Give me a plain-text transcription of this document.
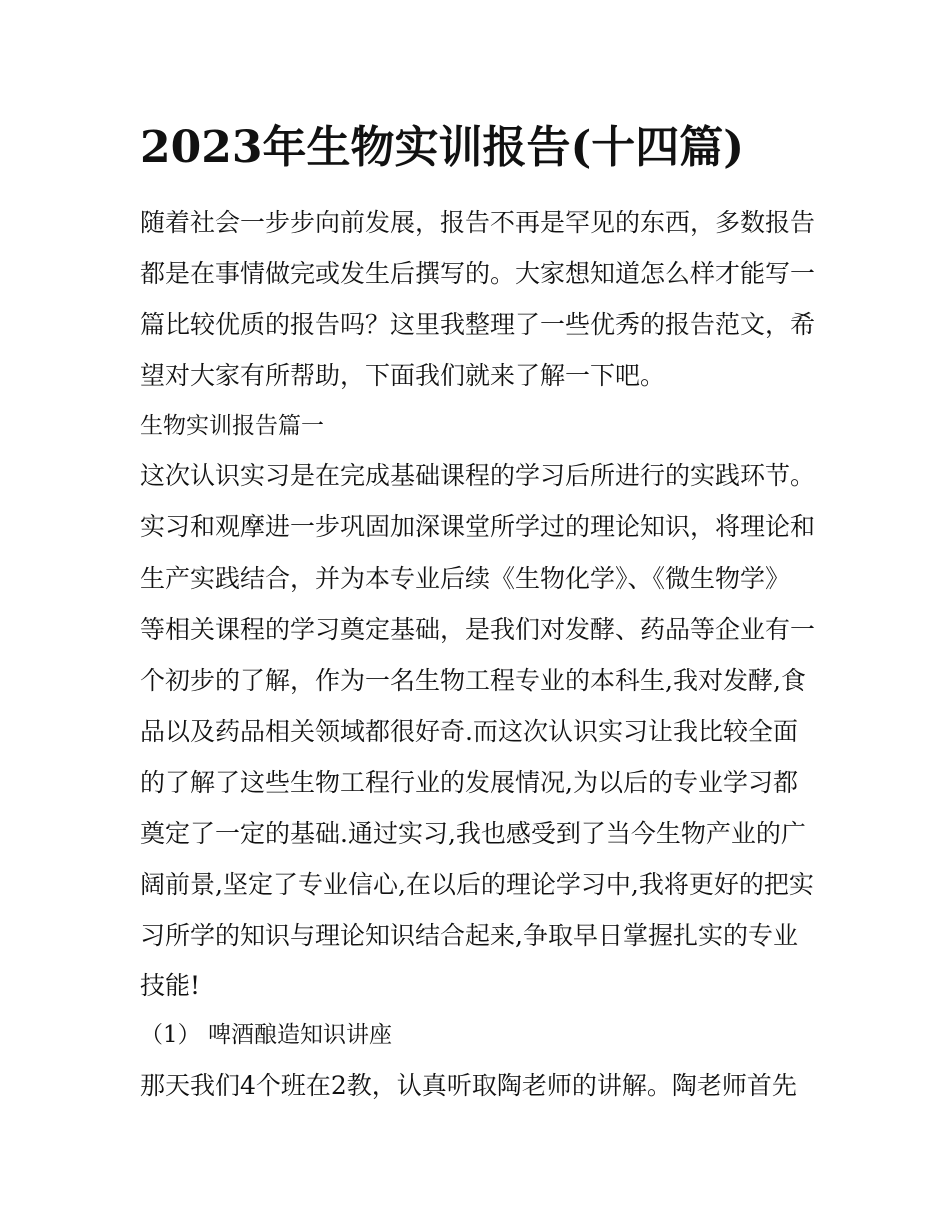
2023年生物实训报告(十四篇)
随着社会一步步向前发展，报告不再是罕见的东西，多数报告
都是在事情做完或发生后撰写的。大家想知道怎么样才能写一
篇比较优质的报告吗？这里我整理了一些优秀的报告范文，希
望对大家有所帮助，下面我们就来了解一下吧。
生物实训报告篇一
这次认识实习是在完成基础课程的学习后所进行的实践环节。
实习和观摩进一步巩固加深课堂所学过的理论知识，将理论和
生产实践结合，并为本专业后续《生物化学》、《微生物学》
等相关课程的学习奠定基础，是我们对发酵、药品等企业有一
个初步的了解，作为一名生物工程专业的本科生,我对发酵,食
品以及药品相关领域都很好奇.而这次认识实习让我比较全面
的了解了这些生物工程行业的发展情况,为以后的专业学习都
奠定了一定的基础.通过实习,我也感受到了当今生物产业的广
阔前景,坚定了专业信心,在以后的理论学习中,我将更好的把实
习所学的知识与理论知识结合起来,争取早日掌握扎实的专业
技能!
（1） 啤酒酿造知识讲座
那天我们4个班在2教，认真听取陶老师的讲解。陶老师首先
